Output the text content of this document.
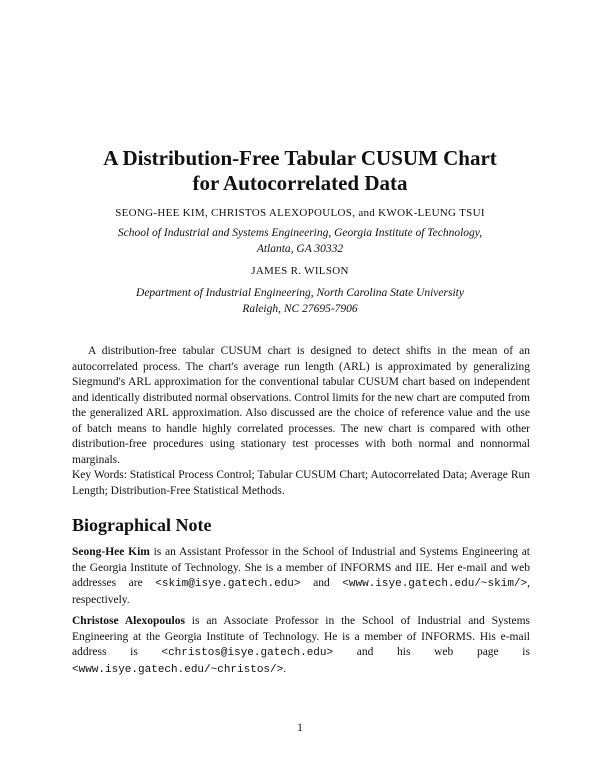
A Distribution-Free Tabular CUSUM Chart
for Autocorrelated Data
SEONG-HEE KIM, CHRISTOS ALEXOPOULOS, and KWOK-LEUNG TSUI
School of Industrial and Systems Engineering, Georgia Institute of Technology,
Atlanta, GA 30332
JAMES R. WILSON
Department of Industrial Engineering, North Carolina State University
Raleigh, NC 27695-7906

A distribution-free tabular CUSUM chart is designed to detect shifts in the mean of an autocorrelated process. The chart's average run length (ARL) is approximated by generalizing Siegmund's ARL approximation for the conventional tabular CUSUM chart based on independent and identically distributed normal observations. Control limits for the new chart are computed from the generalized ARL approximation. Also discussed are the choice of reference value and the use of batch means to handle highly correlated processes. The new chart is compared with other distribution-free procedures using stationary test processes with both normal and nonnormal marginals.

Key Words: Statistical Process Control; Tabular CUSUM Chart; Autocorrelated Data; Average Run Length; Distribution-Free Statistical Methods.

Biographical Note

Seong-Hee Kim is an Assistant Professor in the School of Industrial and Systems Engineering at the Georgia Institute of Technology. She is a member of INFORMS and IIE. Her e-mail and web addresses are <skim@isye.gatech.edu> and <www.isye.gatech.edu/~skim/>, respectively.

Christose Alexopoulos is an Associate Professor in the School of Industrial and Systems Engineering at the Georgia Institute of Technology. He is a member of INFORMS. His e-mail address is <christos@isye.gatech.edu> and his web page is <www.isye.gatech.edu/~christos/>.

1
